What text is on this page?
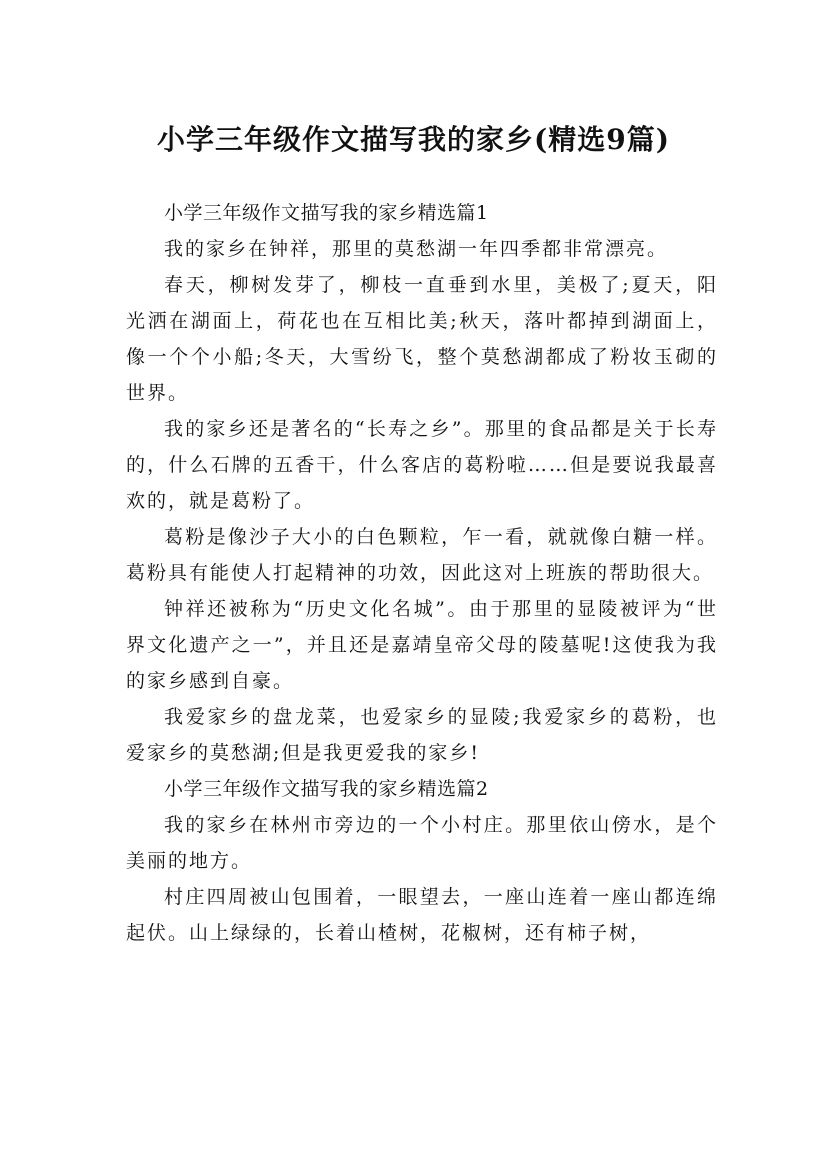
小学三年级作文描写我的家乡(精选9篇)

小学三年级作文描写我的家乡精选篇1

我的家乡在钟祥，那里的莫愁湖一年四季都非常漂亮。

春天，柳树发芽了，柳枝一直垂到水里，美极了;夏天，阳光洒在湖面上，荷花也在互相比美;秋天，落叶都掉到湖面上，像一个个小船;冬天，大雪纷飞，整个莫愁湖都成了粉妆玉砌的世界。

我的家乡还是著名的“长寿之乡”。那里的食品都是关于长寿的，什么石牌的五香干，什么客店的葛粉啦……但是要说我最喜欢的，就是葛粉了。

葛粉是像沙子大小的白色颗粒，乍一看，就就像白糖一样。葛粉具有能使人打起精神的功效，因此这对上班族的帮助很大。

钟祥还被称为“历史文化名城”。由于那里的显陵被评为“世界文化遗产之一”，并且还是嘉靖皇帝父母的陵墓呢!这使我为我的家乡感到自豪。

我爱家乡的盘龙菜，也爱家乡的显陵;我爱家乡的葛粉，也爱家乡的莫愁湖;但是我更爱我的家乡!

小学三年级作文描写我的家乡精选篇2

我的家乡在林州市旁边的一个小村庄。那里依山傍水，是个美丽的地方。

村庄四周被山包围着，一眼望去，一座山连着一座山都连绵起伏。山上绿绿的，长着山楂树，花椒树，还有柿子树，
